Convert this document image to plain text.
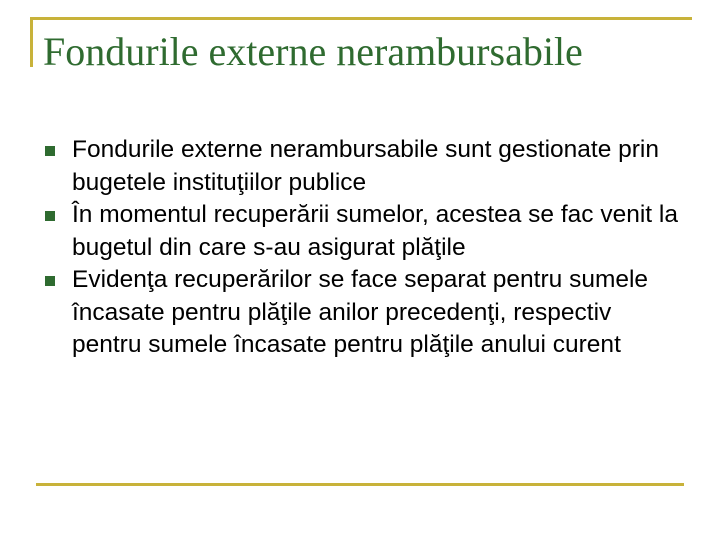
Fondurile externe nerambursabile
Fondurile externe nerambursabile sunt gestionate prin bugetele instituţiilor publice
În momentul recuperării sumelor, acestea se fac venit la bugetul din care s-au asigurat plăţile
Evidenţa recuperărilor se face separat pentru sumele încasate pentru plăţile anilor precedenţi, respectiv pentru sumele încasate pentru plăţile anului curent
